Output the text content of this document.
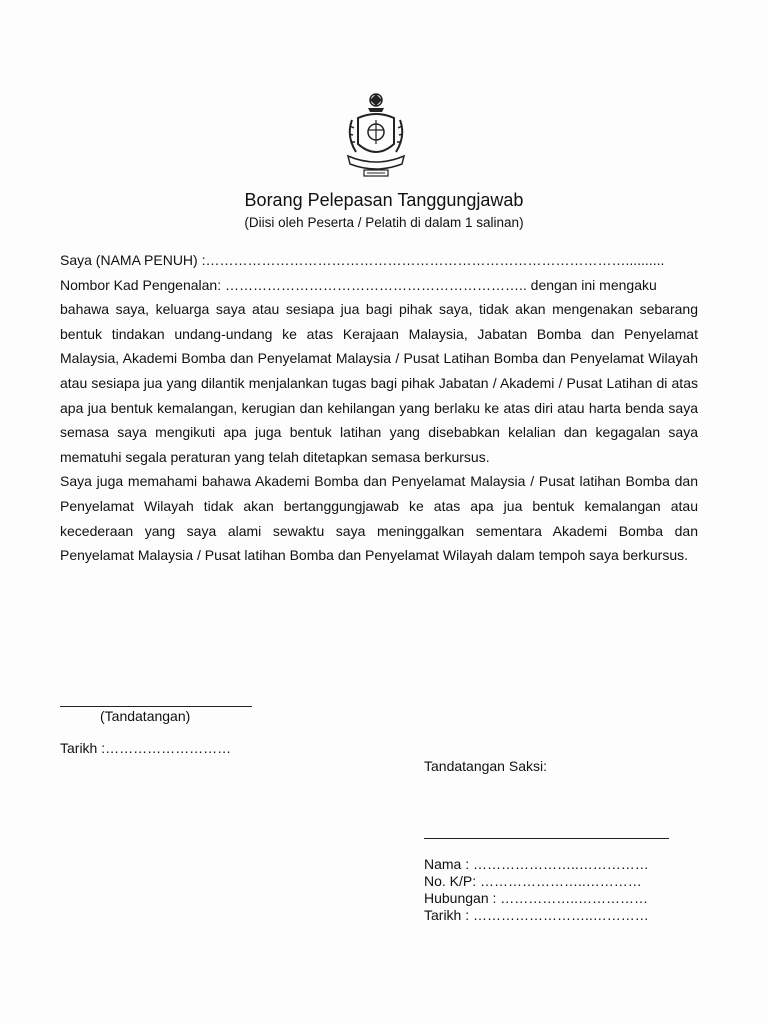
Borang Pelepasan Tanggungjawab
(Diisi oleh Peserta / Pelatih di dalam 1 salinan)
Saya (NAMA PENUH) :………………………………………………………………………………..........
Nombor Kad Pengenalan: ……………………………………………………….. dengan ini mengaku

bahawa saya, keluarga saya atau sesiapa jua bagi pihak saya, tidak akan mengenakan sebarang bentuk tindakan undang-undang ke atas Kerajaan Malaysia, Jabatan Bomba dan Penyelamat Malaysia, Akademi Bomba dan Penyelamat Malaysia / Pusat Latihan Bomba dan Penyelamat Wilayah atau sesiapa jua yang dilantik menjalankan tugas bagi pihak Jabatan / Akademi / Pusat Latihan di atas apa jua bentuk kemalangan, kerugian dan kehilangan yang berlaku ke atas diri atau harta benda saya semasa saya mengikuti apa juga bentuk latihan yang disebabkan kelalian dan kegagalan saya mematuhi segala peraturan yang telah ditetapkan semasa berkursus.

Saya juga memahami bahawa Akademi Bomba dan Penyelamat Malaysia / Pusat latihan Bomba dan Penyelamat Wilayah tidak akan bertanggungjawab ke atas apa jua bentuk kemalangan atau kecederaan yang saya alami sewaktu saya meninggalkan sementara Akademi Bomba dan Penyelamat Malaysia / Pusat latihan Bomba dan Penyelamat Wilayah dalam tempoh saya berkursus.

(Tandatangan)
Tarikh :………………………
Tandatangan Saksi:
Nama : …………………..……………
No. K/P: …………………..…………
Hubungan : ……………..……………
Tarikh : ……………………..…………
